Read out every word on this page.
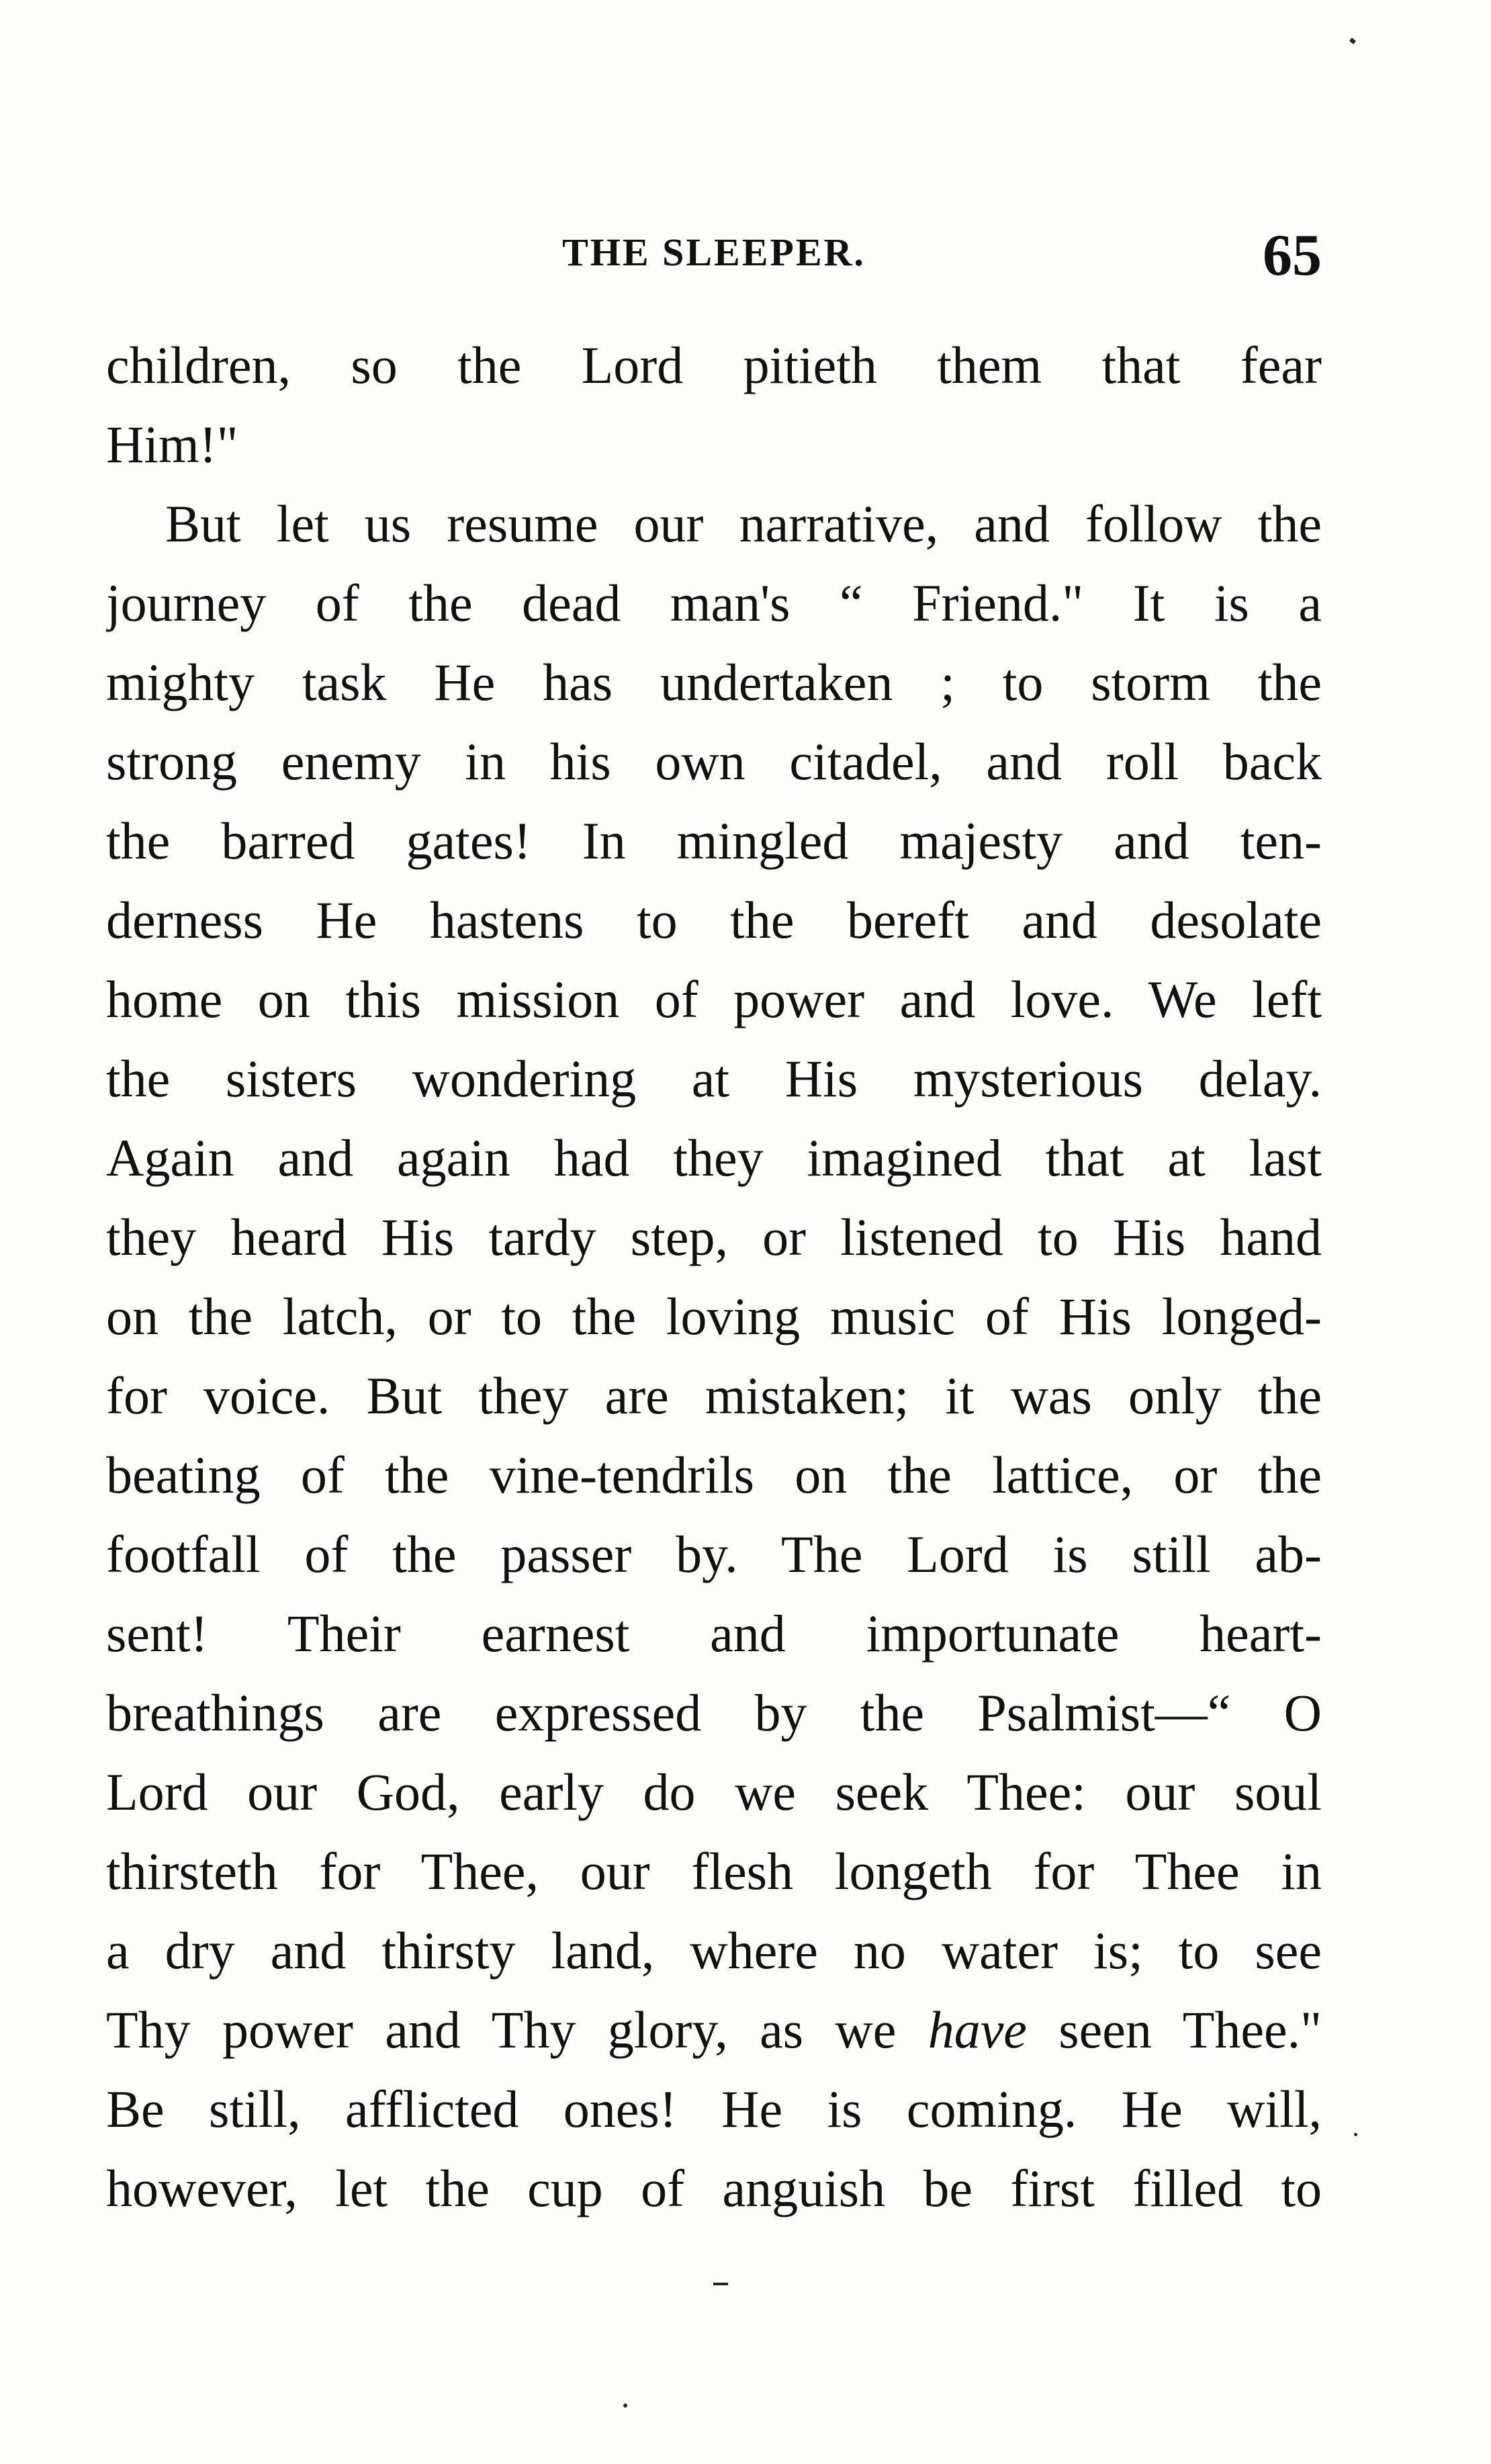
THE SLEEPER.	65
children, so the Lord pitieth them that fear
Him!"
But let us resume our narrative, and follow the
journey of the dead man's “ Friend." It is a
mighty task He has undertaken ; to storm the
strong enemy in his own citadel, and roll back
the barred gates! In mingled majesty and ten-
derness He hastens to the bereft and desolate
home on this mission of power and love. We left
the sisters wondering at His mysterious delay.
Again and again had they imagined that at last
they heard His tardy step, or listened to His hand
on the latch, or to the loving music of His longed-
for voice. But they are mistaken; it was only the
beating of the vine-tendrils on the lattice, or the
footfall of the passer by. The Lord is still ab-
sent! Their earnest and importunate heart-
breathings are expressed by the Psalmist—“ O
Lord our God, early do we seek Thee: our soul
thirsteth for Thee, our flesh longeth for Thee in
a dry and thirsty land, where no water is; to see
Thy power and Thy glory, as we have seen Thee."
Be still, afflicted ones! He is coming. He will,
however, let the cup of anguish be first filled to
